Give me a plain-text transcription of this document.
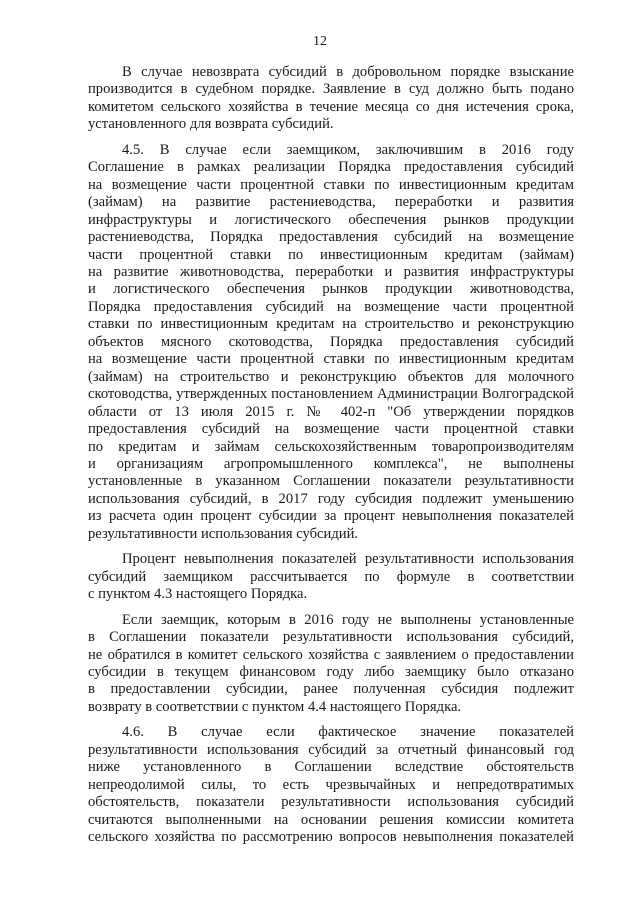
12
В случае невозврата субсидий в добровольном порядке взыскание
производится в судебном порядке. Заявление в суд должно быть подано
комитетом сельского хозяйства в течение месяца со дня истечения срока,
установленного для возврата субсидий.
4.5. В случае если заемщиком, заключившим в 2016 году
Соглашение в рамках реализации Порядка предоставления субсидий
на возмещение части процентной ставки по инвестиционным кредитам
(займам) на развитие растениеводства, переработки и развития
инфраструктуры и логистического обеспечения рынков продукции
растениеводства, Порядка предоставления субсидий на возмещение
части процентной ставки по инвестиционным кредитам (займам)
на развитие животноводства, переработки и развития инфраструктуры
и логистического обеспечения рынков продукции животноводства,
Порядка предоставления субсидий на возмещение части процентной
ставки по инвестиционным кредитам на строительство и реконструкцию
объектов мясного скотоводства, Порядка предоставления субсидий
на возмещение части процентной ставки по инвестиционным кредитам
(займам) на строительство и реконструкцию объектов для молочного
скотоводства, утвержденных постановлением Администрации Волгоградской
области от 13 июля 2015 г. № 402-п "Об утверждении порядков
предоставления субсидий на возмещение части процентной ставки
по кредитам и займам сельскохозяйственным товаропроизводителям
и организациям агропромышленного комплекса", не выполнены
установленные в указанном Соглашении показатели результативности
использования субсидий, в 2017 году субсидия подлежит уменьшению
из расчета один процент субсидии за процент невыполнения показателей
результативности использования субсидий.
Процент невыполнения показателей результативности использования
субсидий заемщиком рассчитывается по формуле в соответствии
с пунктом 4.3 настоящего Порядка.
Если заемщик, которым в 2016 году не выполнены установленные
в Соглашении показатели результативности использования субсидий,
не обратился в комитет сельского хозяйства с заявлением о предоставлении
субсидии в текущем финансовом году либо заемщику было отказано
в предоставлении субсидии, ранее полученная субсидия подлежит
возврату в соответствии с пунктом 4.4 настоящего Порядка.
4.6. В случае если фактическое значение показателей
результативности использования субсидий за отчетный финансовый год
ниже установленного в Соглашении вследствие обстоятельств
непреодолимой силы, то есть чрезвычайных и непредотвратимых
обстоятельств, показатели результативности использования субсидий
считаются выполненными на основании решения комиссии комитета
сельского хозяйства по рассмотрению вопросов невыполнения показателей
